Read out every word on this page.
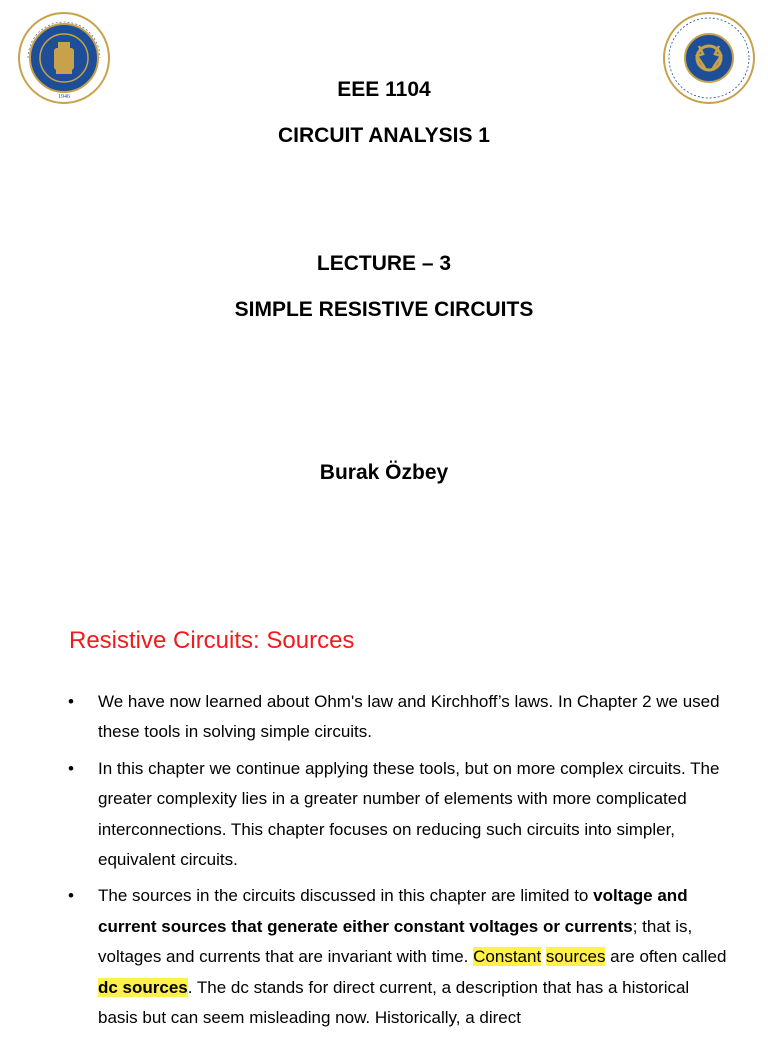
1946	EEE 1104
CIRCUIT ANALYSIS 1
LECTURE – 3
SIMPLE RESISTIVE CIRCUITS
Burak Özbey
Resistive Circuits: Sources
• We have now learned about Ohm's law and Kirchhoff’s laws. In Chapter 2 we used these tools in solving simple circuits.
• In this chapter we continue applying these tools, but on more complex circuits. The greater complexity lies in a greater number of elements with more complicated interconnections. This chapter focuses on reducing such circuits into simpler, equivalent circuits.
• The sources in the circuits discussed in this chapter are limited to voltage and current sources that generate either constant voltages or currents; that is, voltages and currents that are invariant with time. Constant sources are often called dc sources. The dc stands for direct current, a description that has a historical basis but can seem misleading now. Historically, a direct
